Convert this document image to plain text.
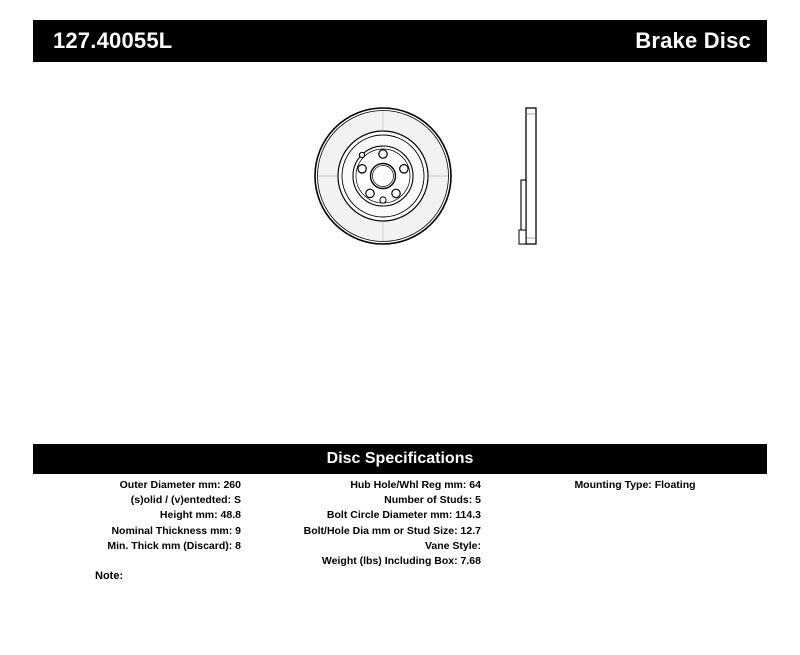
127.40055L	Brake Disc
Disc Specifications
Outer Diameter mm: 260
(s)olid / (v)entedted: S
Height mm: 48.8
Nominal Thickness mm: 9
Min. Thick mm (Discard): 8
Hub Hole/Whl Reg mm: 64
Number of Studs: 5
Bolt Circle Diameter mm: 114.3
Bolt/Hole Dia mm or Stud Size: 12.7
Vane Style:
Weight (lbs) Including Box: 7.68
Mounting Type: Floating
Note:
